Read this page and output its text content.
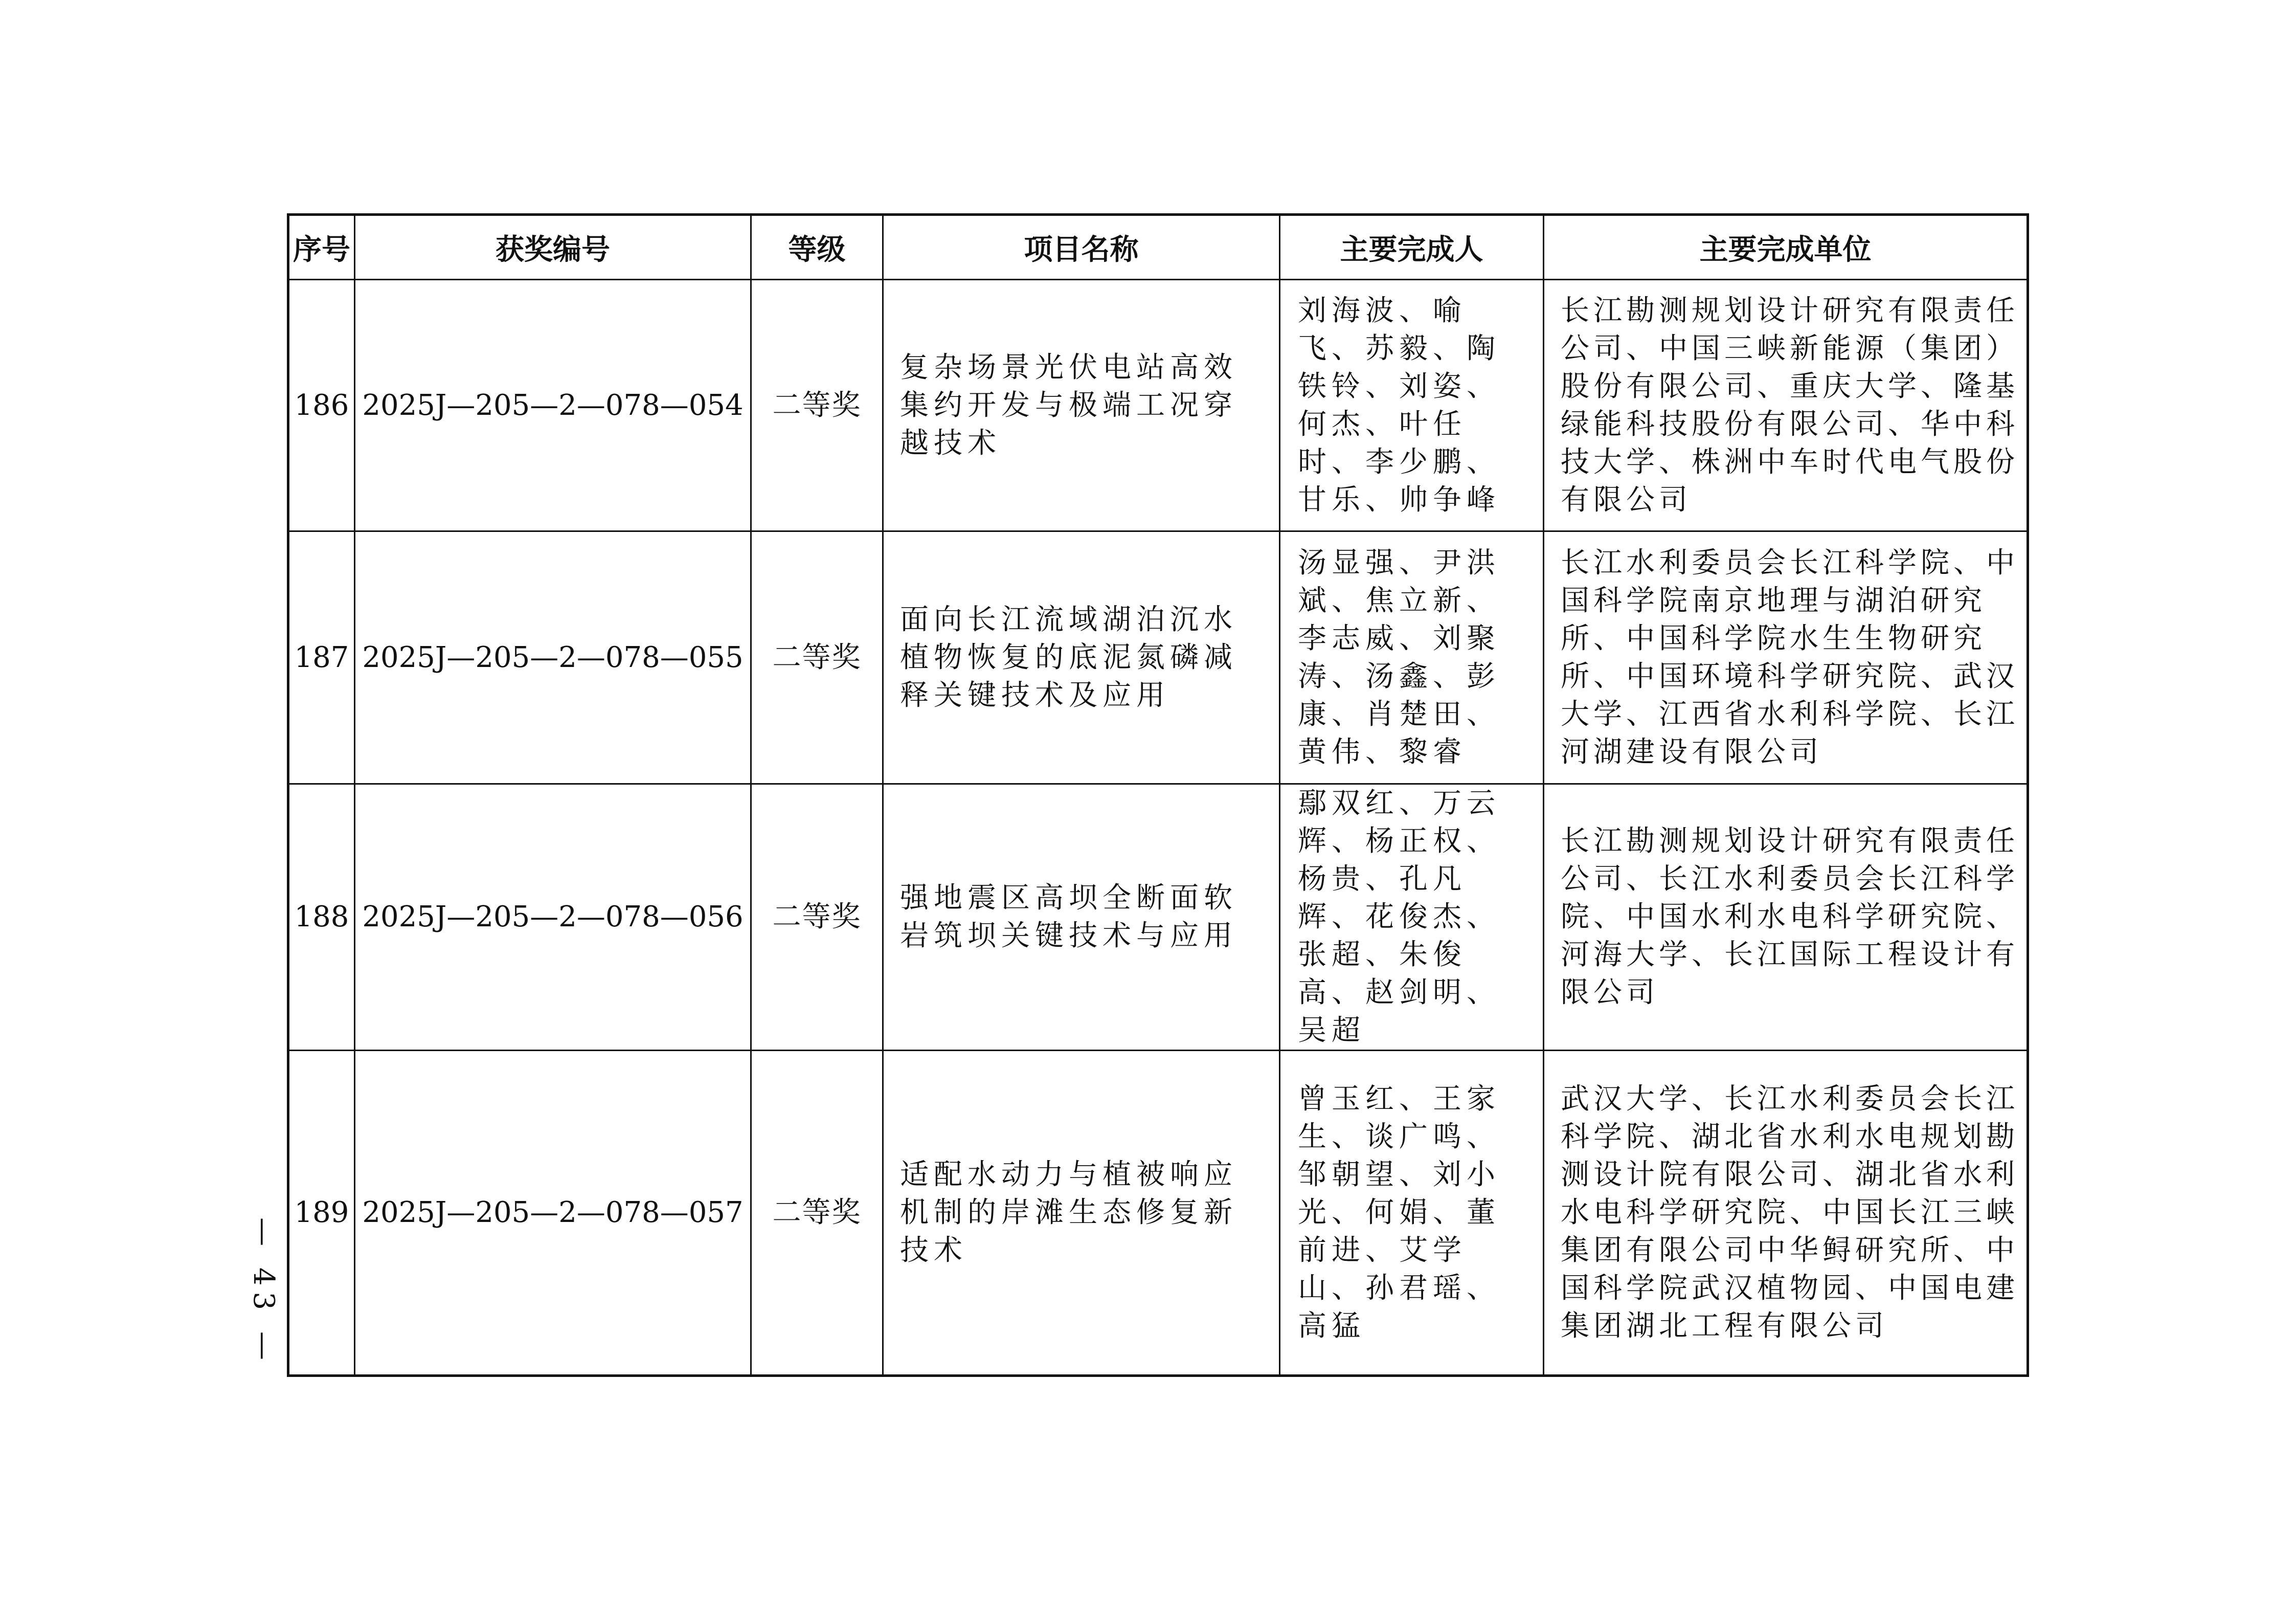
序号	获奖编号	等级	项目名称	主要完成人	主要完成单位
186	2025J—205—2—078—054	二等奖	复杂场景光伏电站高效集约开发与极端工况穿越技术	刘海波、喻飞、苏毅、陶铁铃、刘姿、何杰、叶任时、李少鹏、甘乐、帅争峰	长江勘测规划设计研究有限责任公司、中国三峡新能源（集团）股份有限公司、重庆大学、隆基绿能科技股份有限公司、华中科技大学、株洲中车时代电气股份有限公司
187	2025J—205—2—078—055	二等奖	面向长江流域湖泊沉水植物恢复的底泥氮磷减释关键技术及应用	汤显强、尹洪斌、焦立新、李志威、刘聚涛、汤鑫、彭康、肖楚田、黄伟、黎睿	长江水利委员会长江科学院、中国科学院南京地理与湖泊研究所、中国科学院水生生物研究所、中国环境科学研究院、武汉大学、江西省水利科学院、长江河湖建设有限公司
188	2025J—205—2—078—056	二等奖	强地震区高坝全断面软岩筑坝关键技术与应用	鄢双红、万云辉、杨正权、杨贵、孔凡辉、花俊杰、张超、朱俊高、赵剑明、吴超	长江勘测规划设计研究有限责任公司、长江水利委员会长江科学院、中国水利水电科学研究院、河海大学、长江国际工程设计有限公司
189	2025J—205—2—078—057	二等奖	适配水动力与植被响应机制的岸滩生态修复新技术	曾玉红、王家生、谈广鸣、邹朝望、刘小光、何娟、董前进、艾学山、孙君瑶、高猛	武汉大学、长江水利委员会长江科学院、湖北省水利水电规划勘测设计院有限公司、湖北省水利水电科学研究院、中国长江三峡集团有限公司中华鲟研究所、中国科学院武汉植物园、中国电建集团湖北工程有限公司
— 43 —
